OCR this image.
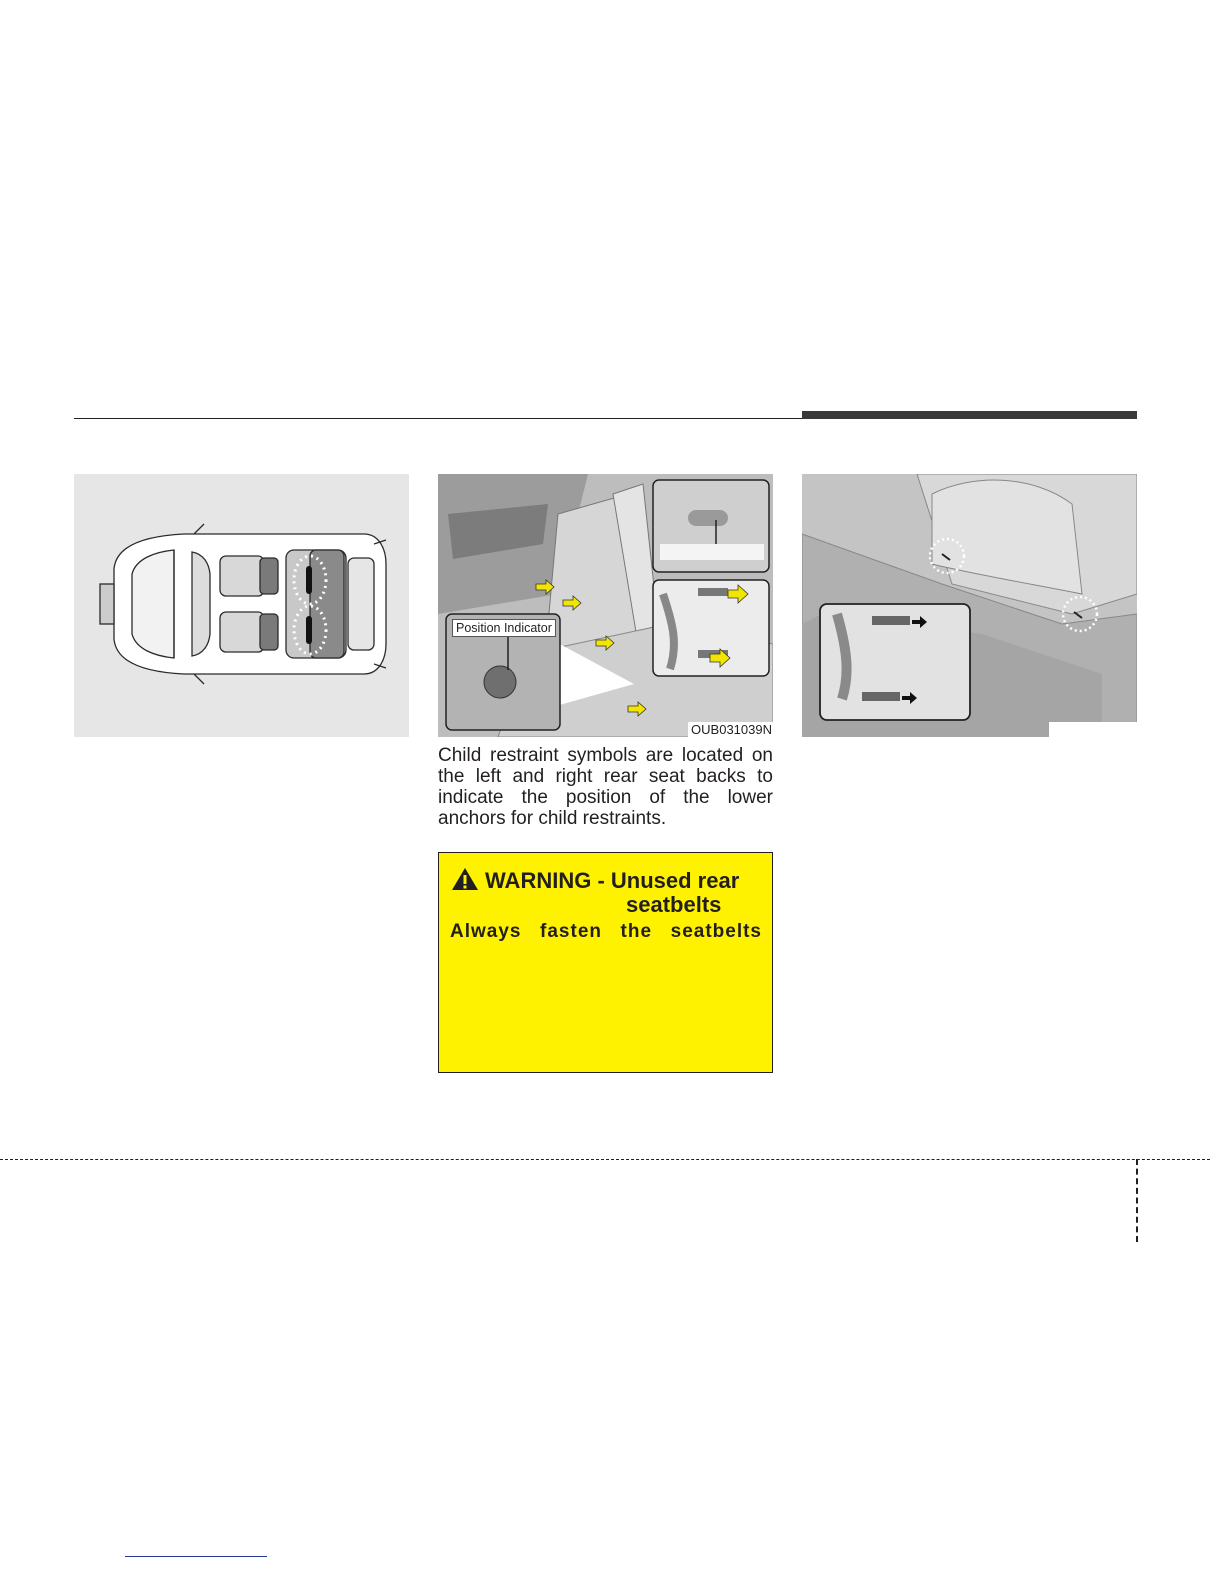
Position Indicator
OUB031039N

Child restraint symbols are located on the left and right rear seat backs to indicate the position of the lower anchors for child restraints.

WARNING - Unused rear
seatbelts

Always fasten the seatbelts
